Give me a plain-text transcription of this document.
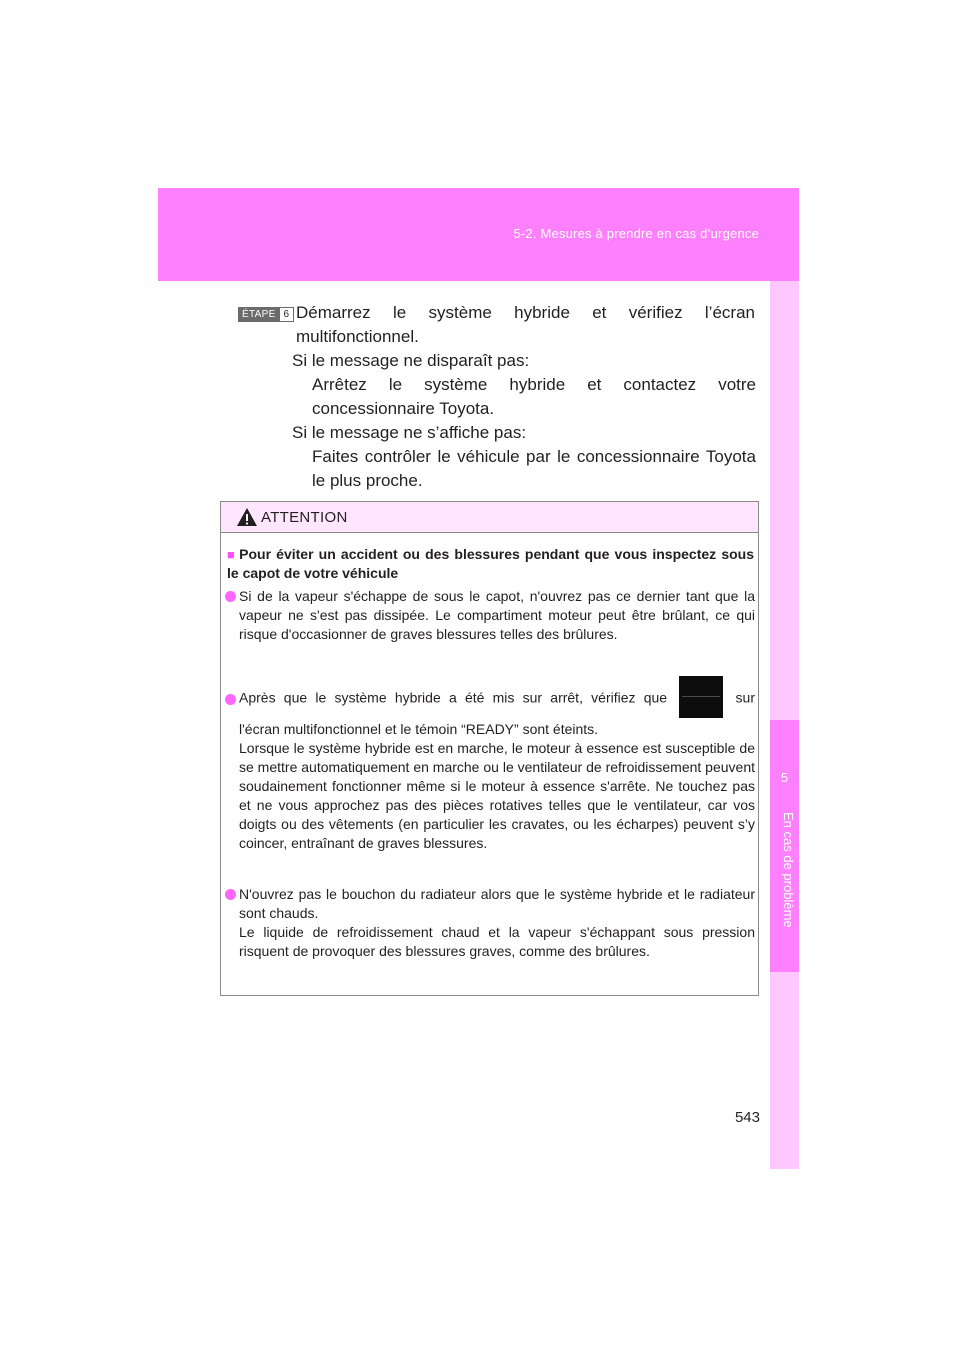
5-2. Mesures à prendre en cas d’urgence
5
En cas de problème
ÉTAPE 6 Démarrez le système hybride et vérifiez l’écran multifonctionnel.

Si le message ne disparaît pas:

Arrêtez le système hybride et contactez votre concessionnaire Toyota.

Si le message ne s’affiche pas:

Faites contrôler le véhicule par le concessionnaire Toyota le plus proche.

ATTENTION
■ Pour éviter un accident ou des blessures pendant que vous inspectez sous le capot de votre véhicule

Si de la vapeur s'échappe de sous le capot, n'ouvrez pas ce dernier tant que la vapeur ne s'est pas dissipée. Le compartiment moteur peut être brûlant, ce qui risque d'occasionner de graves blessures telles des brûlures.

Après que le système hybride a été mis sur arrêt, vérifiez que	sur

l'écran multifonctionnel et le témoin “READY” sont éteints.

Lorsque le système hybride est en marche, le moteur à essence est susceptible de se mettre automatiquement en marche ou le ventilateur de refroidissement peuvent soudainement fonctionner même si le moteur à essence s'arrête. Ne touchez pas et ne vous approchez pas des pièces rotatives telles que le ventilateur, car vos doigts ou des vêtements (en particulier les cravates, ou les écharpes) peuvent s’y coincer, entraînant de graves blessures.

N'ouvrez pas le bouchon du radiateur alors que le système hybride et le radiateur sont chauds.

Le liquide de refroidissement chaud et la vapeur s'échappant sous pression risquent de provoquer des blessures graves, comme des brûlures.

543
